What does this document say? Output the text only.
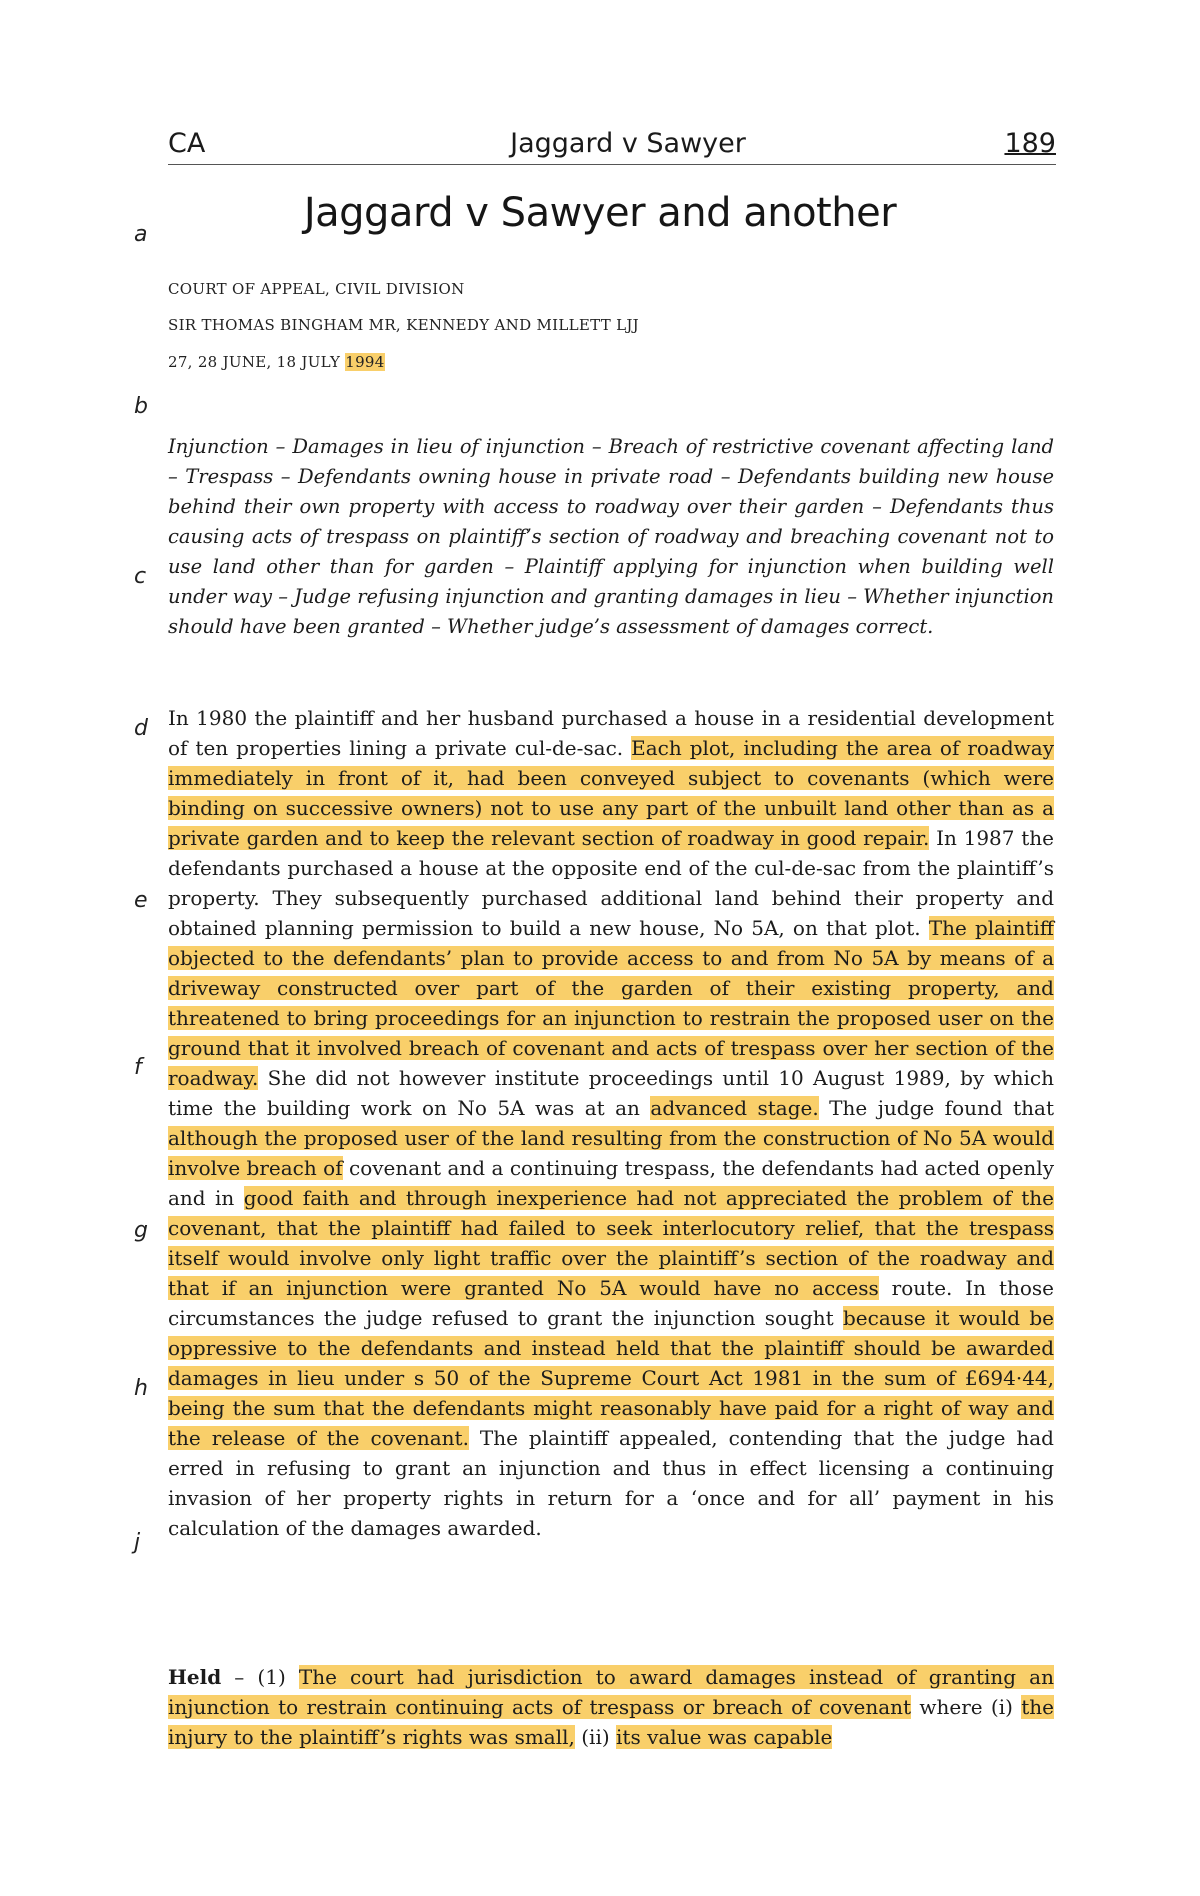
CA	Jaggard v Sawyer	189
Jaggard v Sawyer and another
COURT OF APPEAL, CIVIL DIVISION
SIR THOMAS BINGHAM MR, KENNEDY AND MILLETT LJJ
27, 28 JUNE, 18 JULY 1994
a
b
c
d
e
f
g
h
j

Injunction – Damages in lieu of injunction – Breach of restrictive covenant affecting land – Trespass – Defendants owning house in private road – Defendants building new house behind their own property with access to roadway over their garden – Defendants thus causing acts of trespass on plaintiff’s section of roadway and breaching covenant not to use land other than for garden – Plaintiff applying for injunction when building well under way – Judge refusing injunction and granting damages in lieu – Whether injunction should have been granted – Whether judge’s assessment of damages correct.

In 1980 the plaintiff and her husband purchased a house in a residential development of ten properties lining a private cul-de-sac. Each plot, including the area of roadway immediately in front of it, had been conveyed subject to covenants (which were binding on successive owners) not to use any part of the unbuilt land other than as a private garden and to keep the relevant section of roadway in good repair. In 1987 the defendants purchased a house at the opposite end of the cul-de-sac from the plaintiff’s property. They subsequently purchased additional land behind their property and obtained planning permission to build a new house, No 5A, on that plot. The plaintiff objected to the defendants’ plan to provide access to and from No 5A by means of a driveway constructed over part of the garden of their existing property, and threatened to bring proceedings for an injunction to restrain the proposed user on the ground that it involved breach of covenant and acts of trespass over her section of the roadway. She did not however institute proceedings until 10 August 1989, by which time the building work on No 5A was at an advanced stage. The judge found that although the proposed user of the land resulting from the construction of No 5A would involve breach of covenant and a continuing trespass, the defendants had acted openly and in good faith and through inexperience had not appreciated the problem of the covenant, that the plaintiff had failed to seek interlocutory relief, that the trespass itself would involve only light traffic over the plaintiff’s section of the roadway and that if an injunction were granted No 5A would have no access route. In those circumstances the judge refused to grant the injunction sought because it would be oppressive to the defendants and instead held that the plaintiff should be awarded damages in lieu under s 50 of the Supreme Court Act 1981 in the sum of £694·44, being the sum that the defendants might reasonably have paid for a right of way and the release of the covenant. The plaintiff appealed, contending that the judge had erred in refusing to grant an injunction and thus in effect licensing a continuing invasion of her property rights in return for a ‘once and for all’ payment in his calculation of the damages awarded.

Held – (1) The court had jurisdiction to award damages instead of granting an injunction to restrain continuing acts of trespass or breach of covenant where (i) the injury to the plaintiff’s rights was small, (ii) its value was capable
